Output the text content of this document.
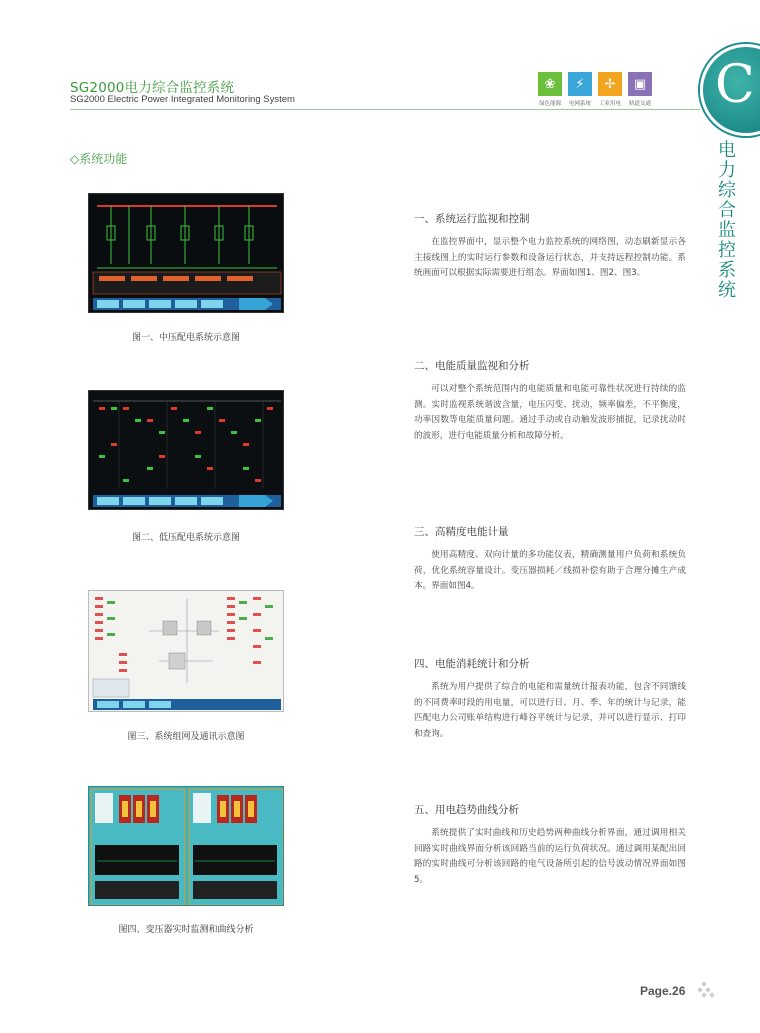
SG2000电力综合监控系统
SG2000 Electric Power Integrated Monitoring System
❀
绿色能源
⚡
电网系统
✢
工业用电
▣
轨道交通 C
电力综合监控系统
◇系统功能
图一、中压配电系统示意图
图二、低压配电系统示意图
图三、系统组网及通讯示意图
图四、变压器实时监测和曲线分析
一、系统运行监视和控制

在监控界面中，显示整个电力监控系统的网络图，动态刷新显示各主接线图上的实时运行参数和设备运行状态，并支持远程控制功能。系统画面可以根据实际需要进行组态。界面如图1、图2、图3。

二、电能质量监视和分析

可以对整个系统范围内的电能质量和电能可靠性状况进行持续的监测。实时监视系统谐波含量，电压闪变、扰动，频率偏差，不平衡度，功率因数等电能质量问题。通过手动或自动触发波形捕捉，记录扰动时的波形，进行电能质量分析和故障分析。

三、高精度电能计量

使用高精度、双向计量的多功能仪表，精确测量用户负荷和系统负荷，优化系统容量设计。变压器损耗／线损补偿有助于合理分摊生产成本。界面如图4。

四、电能消耗统计和分析

系统为用户提供了综合的电能和需量统计报表功能，包含不同馈线的不同费率时段的用电量，可以进行日、月、季、年的统计与记录，能匹配电力公司账单结构进行峰谷平统计与记录，并可以进行显示、打印和查询。

五、用电趋势曲线分析

系统提供了实时曲线和历史趋势两种曲线分析界面，通过调用相关回路实时曲线界面分析该回路当前的运行负荷状况。通过调用某配出回路的实时曲线可分析该回路的电气设备所引起的信号波动情况界面如图5。

Page.26
